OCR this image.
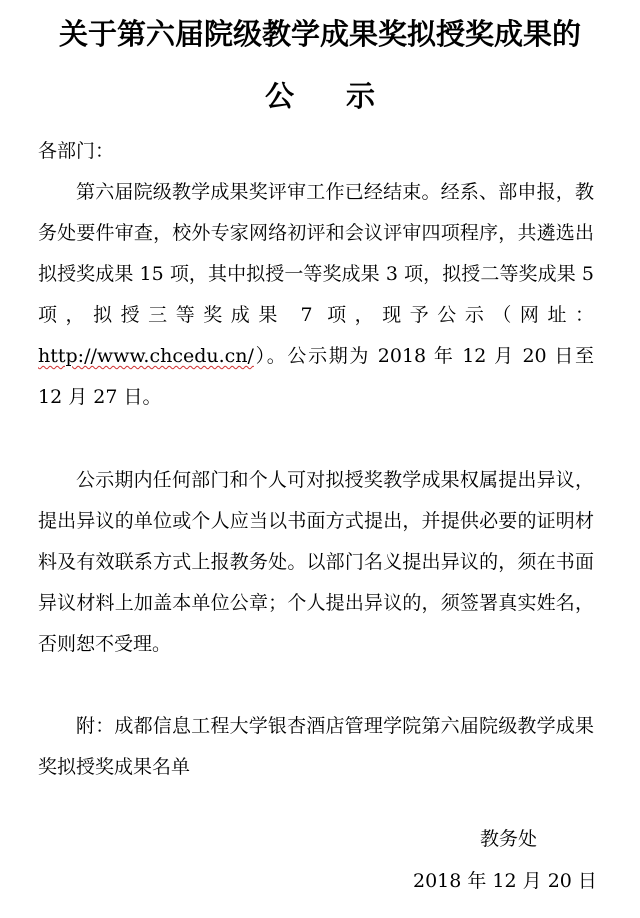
关于第六届院级教学成果奖拟授奖成果的
公示

各部门：

第六届院级教学成果奖评审工作已经结束。经系、部申报，教务处要件审查，校外专家网络初评和会议评审四项程序，共遴选出拟授奖成果 15 项，其中拟授一等奖成果 3 项，拟授二等奖成果 5 项，拟授三等奖成果 7 项，现予公示（网址：http://www.chcedu.cn/）。公示期为 2018 年 12 月 20 日至 12 月 27 日。

公示期内任何部门和个人可对拟授奖教学成果权属提出异议，提出异议的单位或个人应当以书面方式提出，并提供必要的证明材料及有效联系方式上报教务处。以部门名义提出异议的，须在书面异议材料上加盖本单位公章；个人提出异议的，须签署真实姓名，否则恕不受理。

附：成都信息工程大学银杏酒店管理学院第六届院级教学成果奖拟授奖成果名单

教务处

2018 年 12 月 20 日
